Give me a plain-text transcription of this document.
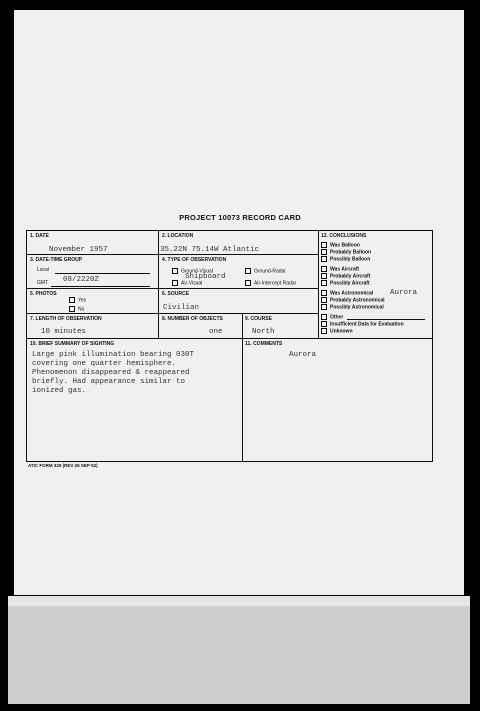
PROJECT 10073 RECORD CARD
1. DATE
November 1957
2. LOCATION
35.22N 75.14W Atlantic
3. DATE-TIME GROUP
Local
GMT 08/2220Z
4. TYPE OF OBSERVATION
Ground-Visual	Ground-Radar
Air-Visual	Air-Intercept Radar
Shipboard
5. PHOTOS
Yes
No
6. SOURCE
Civilian
7. LENGTH OF OBSERVATION
10 minutes
8. NUMBER OF OBJECTS
one
9. COURSE
North
10. BRIEF SUMMARY OF SIGHTING
Large pink illumination bearing 030T
covering one quarter hemisphere.
Phenomenon disappeared & reappeared
briefly. Had appearance similar to
ionized gas.
11. COMMENTS
Aurora
12. CONCLUSIONS
Was Balloon
Probably Balloon
Possibly Balloon
Was Aircraft
Probably Aircraft
Possibly Aircraft
Was Astronomical
Probably Astronomical
Possibly Astronomical
Aurora
Other
Insufficient Data for Evaluation
Unknown
ATIC FORM 329 (REV 26 SEP 52)
comicbooks.com
